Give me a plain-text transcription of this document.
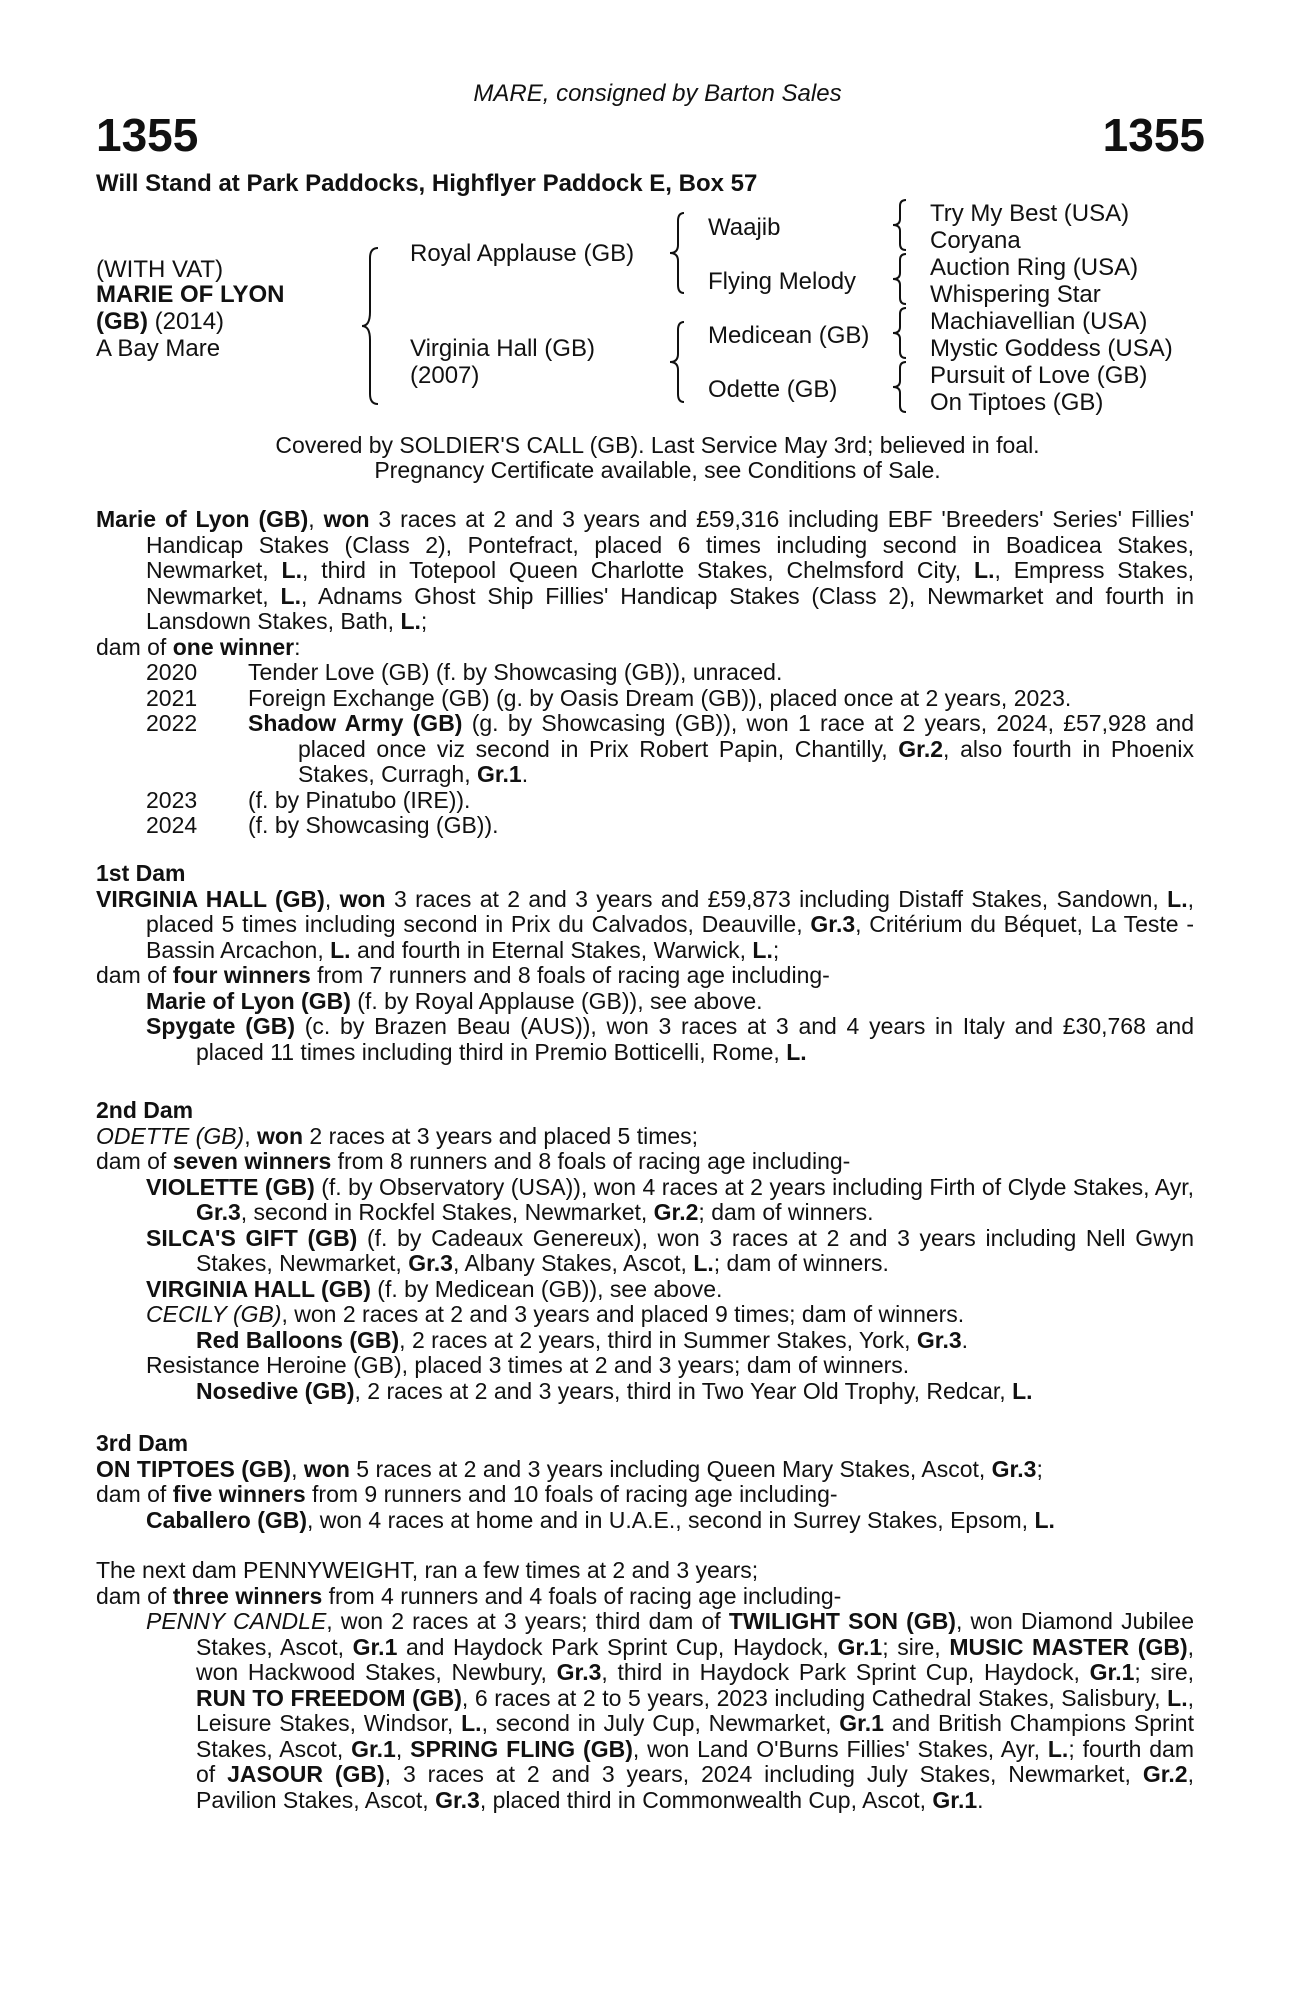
MARE, consigned by Barton Sales
1355	1355
Will Stand at Park Paddocks, Highflyer Paddock E, Box 57
(WITH VAT)
MARIE OF LYON
(GB) (2014)
A Bay Mare
Royal Applause (GB)
Virginia Hall (GB)
(2007)
Waajib
Flying Melody
Medicean (GB)
Odette (GB)
Try My Best (USA)
Coryana
Auction Ring (USA)
Whispering Star
Machiavellian (USA)
Mystic Goddess (USA)
Pursuit of Love (GB)
On Tiptoes (GB)
Covered by SOLDIER'S CALL (GB). Last Service May 3rd; believed in foal.
Pregnancy Certificate available, see Conditions of Sale.

Marie of Lyon (GB), won 3 races at 2 and 3 years and £59,316 including EBF 'Breeders' Series' Fillies' Handicap Stakes (Class 2), Pontefract, placed 6 times including second in Boadicea Stakes, Newmarket, L., third in Totepool Queen Charlotte Stakes, Chelmsford City, L., Empress Stakes, Newmarket, L., Adnams Ghost Ship Fillies' Handicap Stakes (Class 2), Newmarket and fourth in Lansdown Stakes, Bath, L.;

dam of one winner:

2020	Tender Love (GB) (f. by Showcasing (GB)), unraced.
2021	Foreign Exchange (GB) (g. by Oasis Dream (GB)), placed once at 2 years, 2023.
2022	Shadow Army (GB) (g. by Showcasing (GB)), won 1 race at 2 years, 2024, £57,928 and placed once viz second in Prix Robert Papin, Chantilly, Gr.2, also fourth in Phoenix Stakes, Curragh, Gr.1.
2023	(f. by Pinatubo (IRE)).
2024	(f. by Showcasing (GB)).

1st Dam

VIRGINIA HALL (GB), won 3 races at 2 and 3 years and £59,873 including Distaff Stakes, Sandown, L., placed 5 times including second in Prix du Calvados, Deauville, Gr.3, Critérium du Béquet, La Teste - Bassin Arcachon, L. and fourth in Eternal Stakes, Warwick, L.;

dam of four winners from 7 runners and 8 foals of racing age including-

Marie of Lyon (GB) (f. by Royal Applause (GB)), see above.

Spygate (GB) (c. by Brazen Beau (AUS)), won 3 races at 3 and 4 years in Italy and £30,768 and placed 11 times including third in Premio Botticelli, Rome, L.

2nd Dam

ODETTE (GB), won 2 races at 3 years and placed 5 times;

dam of seven winners from 8 runners and 8 foals of racing age including-

VIOLETTE (GB) (f. by Observatory (USA)), won 4 races at 2 years including Firth of Clyde Stakes, Ayr, Gr.3, second in Rockfel Stakes, Newmarket, Gr.2; dam of winners.

SILCA'S GIFT (GB) (f. by Cadeaux Genereux), won 3 races at 2 and 3 years including Nell Gwyn Stakes, Newmarket, Gr.3, Albany Stakes, Ascot, L.; dam of winners.

VIRGINIA HALL (GB) (f. by Medicean (GB)), see above.

CECILY (GB), won 2 races at 2 and 3 years and placed 9 times; dam of winners.

Red Balloons (GB), 2 races at 2 years, third in Summer Stakes, York, Gr.3.

Resistance Heroine (GB), placed 3 times at 2 and 3 years; dam of winners.

Nosedive (GB), 2 races at 2 and 3 years, third in Two Year Old Trophy, Redcar, L.

3rd Dam

ON TIPTOES (GB), won 5 races at 2 and 3 years including Queen Mary Stakes, Ascot, Gr.3;

dam of five winners from 9 runners and 10 foals of racing age including-

Caballero (GB), won 4 races at home and in U.A.E., second in Surrey Stakes, Epsom, L.

The next dam PENNYWEIGHT, ran a few times at 2 and 3 years;

dam of three winners from 4 runners and 4 foals of racing age including-

PENNY CANDLE, won 2 races at 3 years; third dam of TWILIGHT SON (GB), won Diamond Jubilee Stakes, Ascot, Gr.1 and Haydock Park Sprint Cup, Haydock, Gr.1; sire, MUSIC MASTER (GB), won Hackwood Stakes, Newbury, Gr.3, third in Haydock Park Sprint Cup, Haydock, Gr.1; sire, RUN TO FREEDOM (GB), 6 races at 2 to 5 years, 2023 including Cathedral Stakes, Salisbury, L., Leisure Stakes, Windsor, L., second in July Cup, Newmarket, Gr.1 and British Champions Sprint Stakes, Ascot, Gr.1, SPRING FLING (GB), won Land O'Burns Fillies' Stakes, Ayr, L.; fourth dam of JASOUR (GB), 3 races at 2 and 3 years, 2024 including July Stakes, Newmarket, Gr.2, Pavilion Stakes, Ascot, Gr.3, placed third in Commonwealth Cup, Ascot, Gr.1.
